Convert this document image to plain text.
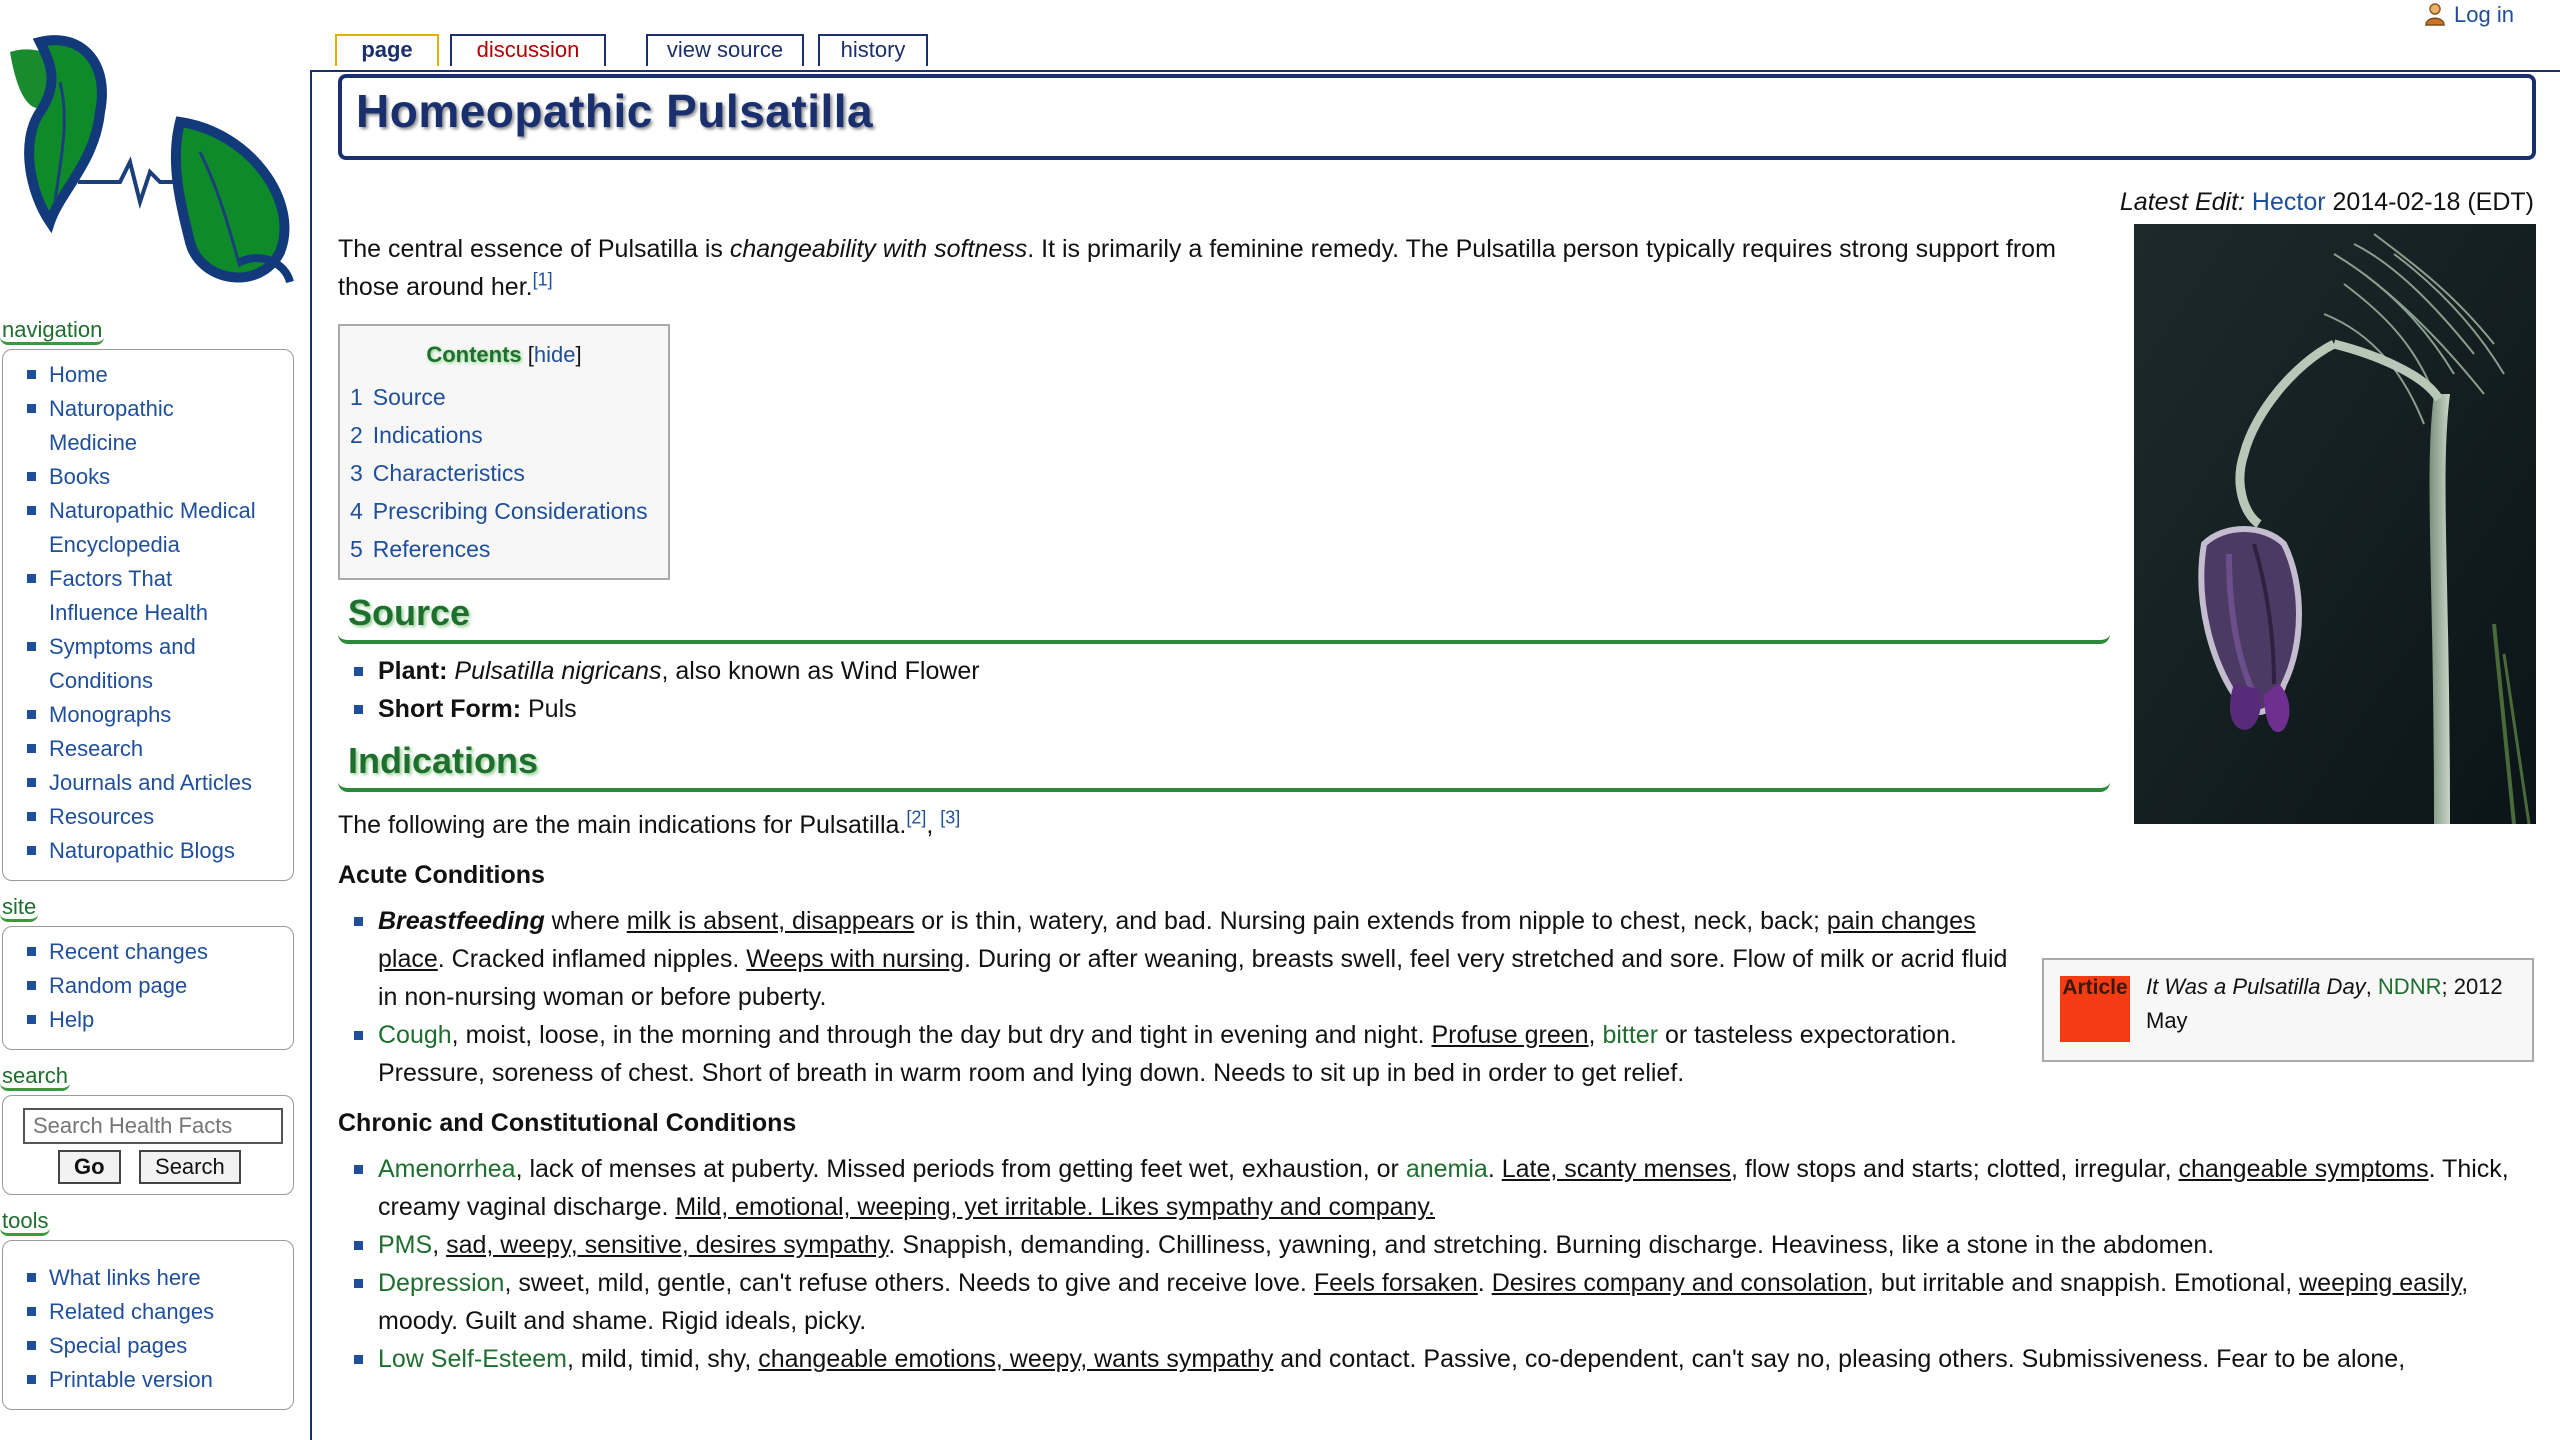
navigation
Home
Naturopathic Medicine
Books
Naturopathic Medical Encyclopedia
Factors That Influence Health
Symptoms and Conditions
Monographs
Research
Journals and Articles
Resources
Naturopathic Blogs
site
Recent changes
Random page
Help
search
Search Health Facts
Go Search
tools
What links here
Related changes
Special pages
Printable version
Log in
page	discussion	view source	history
Homeopathic Pulsatilla
Latest Edit: Hector 2014-02-18 (EDT)

The central essence of Pulsatilla is changeability with softness. It is primarily a feminine remedy. The Pulsatilla person typically requires strong support from those around her.[1]

Contents [hide]
1 Source
2 Indications
3 Characteristics
4 Prescribing Considerations
5 References
Source
Plant: Pulsatilla nigricans, also known as Wind Flower
Short Form: Puls
Indications

The following are the main indications for Pulsatilla.[2], [3]

Acute Conditions

Breastfeeding where milk is absent, disappears or is thin, watery, and bad. Nursing pain extends from nipple to chest, neck, back; pain changes place. Cracked inflamed nipples. Weeps with nursing. During or after weaning, breasts swell, feel very stretched and sore. Flow of milk or acrid fluid in non-nursing woman or before puberty.
Cough, moist, loose, in the morning and through the day but dry and tight in evening and night. Profuse green, bitter or tasteless expectoration. Pressure, soreness of chest. Short of breath in warm room and lying down. Needs to sit up in bed in order to get relief.

Chronic and Constitutional Conditions

Amenorrhea, lack of menses at puberty. Missed periods from getting feet wet, exhaustion, or anemia. Late, scanty menses, flow stops and starts; clotted, irregular, changeable symptoms. Thick, creamy vaginal discharge. Mild, emotional, weeping, yet irritable. Likes sympathy and company.
PMS, sad, weepy, sensitive, desires sympathy. Snappish, demanding. Chilliness, yawning, and stretching. Burning discharge. Heaviness, like a stone in the abdomen.
Depression, sweet, mild, gentle, can't refuse others. Needs to give and receive love. Feels forsaken. Desires company and consolation, but irritable and snappish. Emotional, weeping easily, moody. Guilt and shame. Rigid ideals, picky.
Low Self-Esteem, mild, timid, shy, changeable emotions, weepy, wants sympathy and contact. Passive, co-dependent, can't say no, pleasing others. Submissiveness. Fear to be alone,
Article It Was a Pulsatilla Day, NDNR; 2012 May
